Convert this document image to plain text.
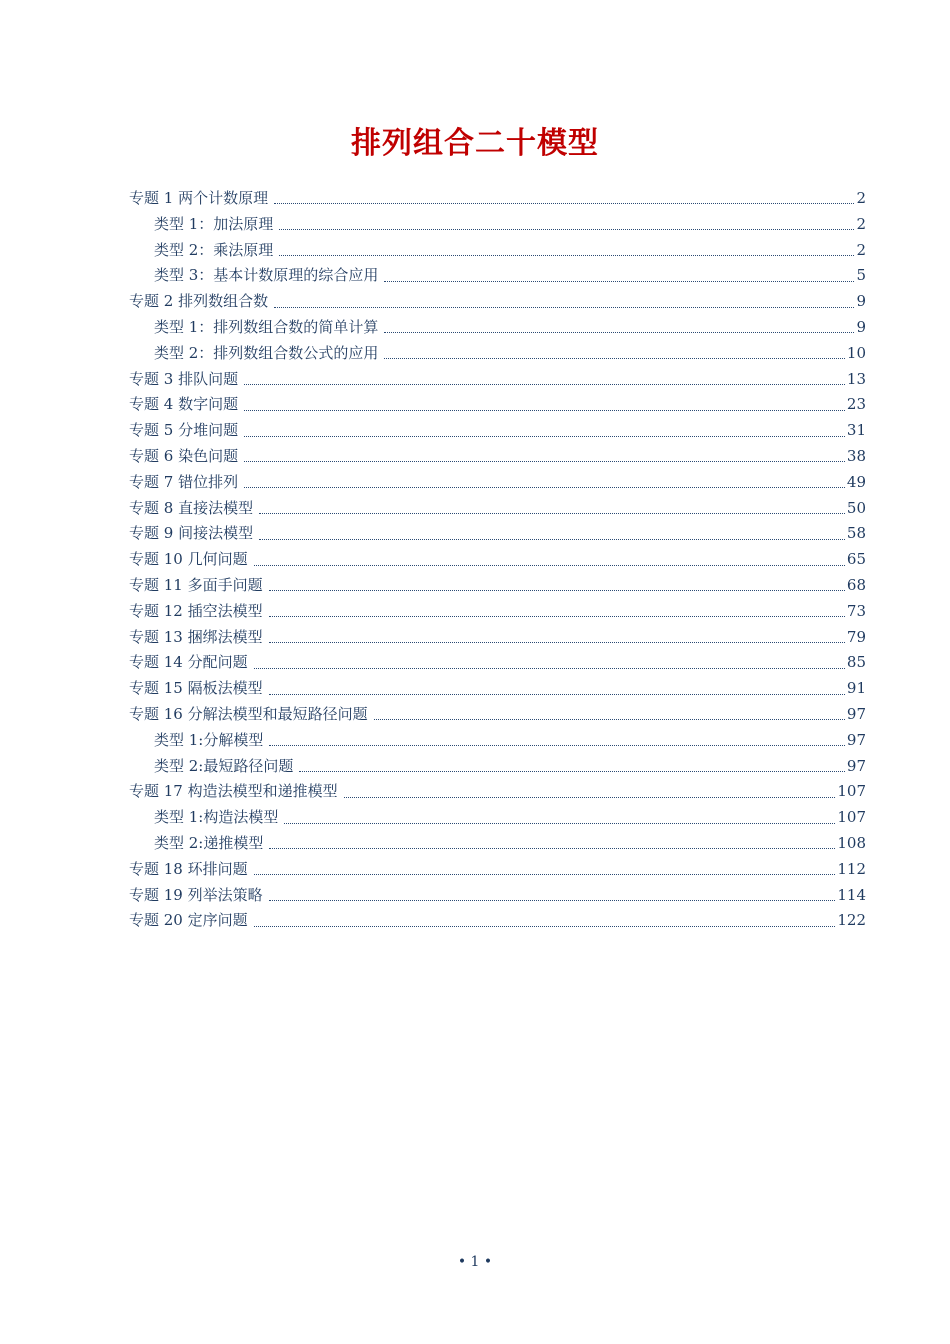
排列组合二十模型
专题 1 两个计数原理	2
类型 1：加法原理	2
类型 2：乘法原理	2
类型 3：基本计数原理的综合应用	5
专题 2 排列数组合数	9
类型 1：排列数组合数的简单计算	9
类型 2：排列数组合数公式的应用	10
专题 3 排队问题	13
专题 4 数字问题	23
专题 5 分堆问题	31
专题 6 染色问题	38
专题 7 错位排列	49
专题 8 直接法模型	50
专题 9 间接法模型	58
专题 10 几何问题	65
专题 11 多面手问题	68
专题 12 插空法模型	73
专题 13 捆绑法模型	79
专题 14 分配问题	85
专题 15 隔板法模型	91
专题 16 分解法模型和最短路径问题	97
类型 1:分解模型	97
类型 2:最短路径问题	97
专题 17 构造法模型和递推模型	107
类型 1:构造法模型	107
类型 2:递推模型	108
专题 18 环排问题	112
专题 19 列举法策略	114
专题 20 定序问题	122
• 1 •
